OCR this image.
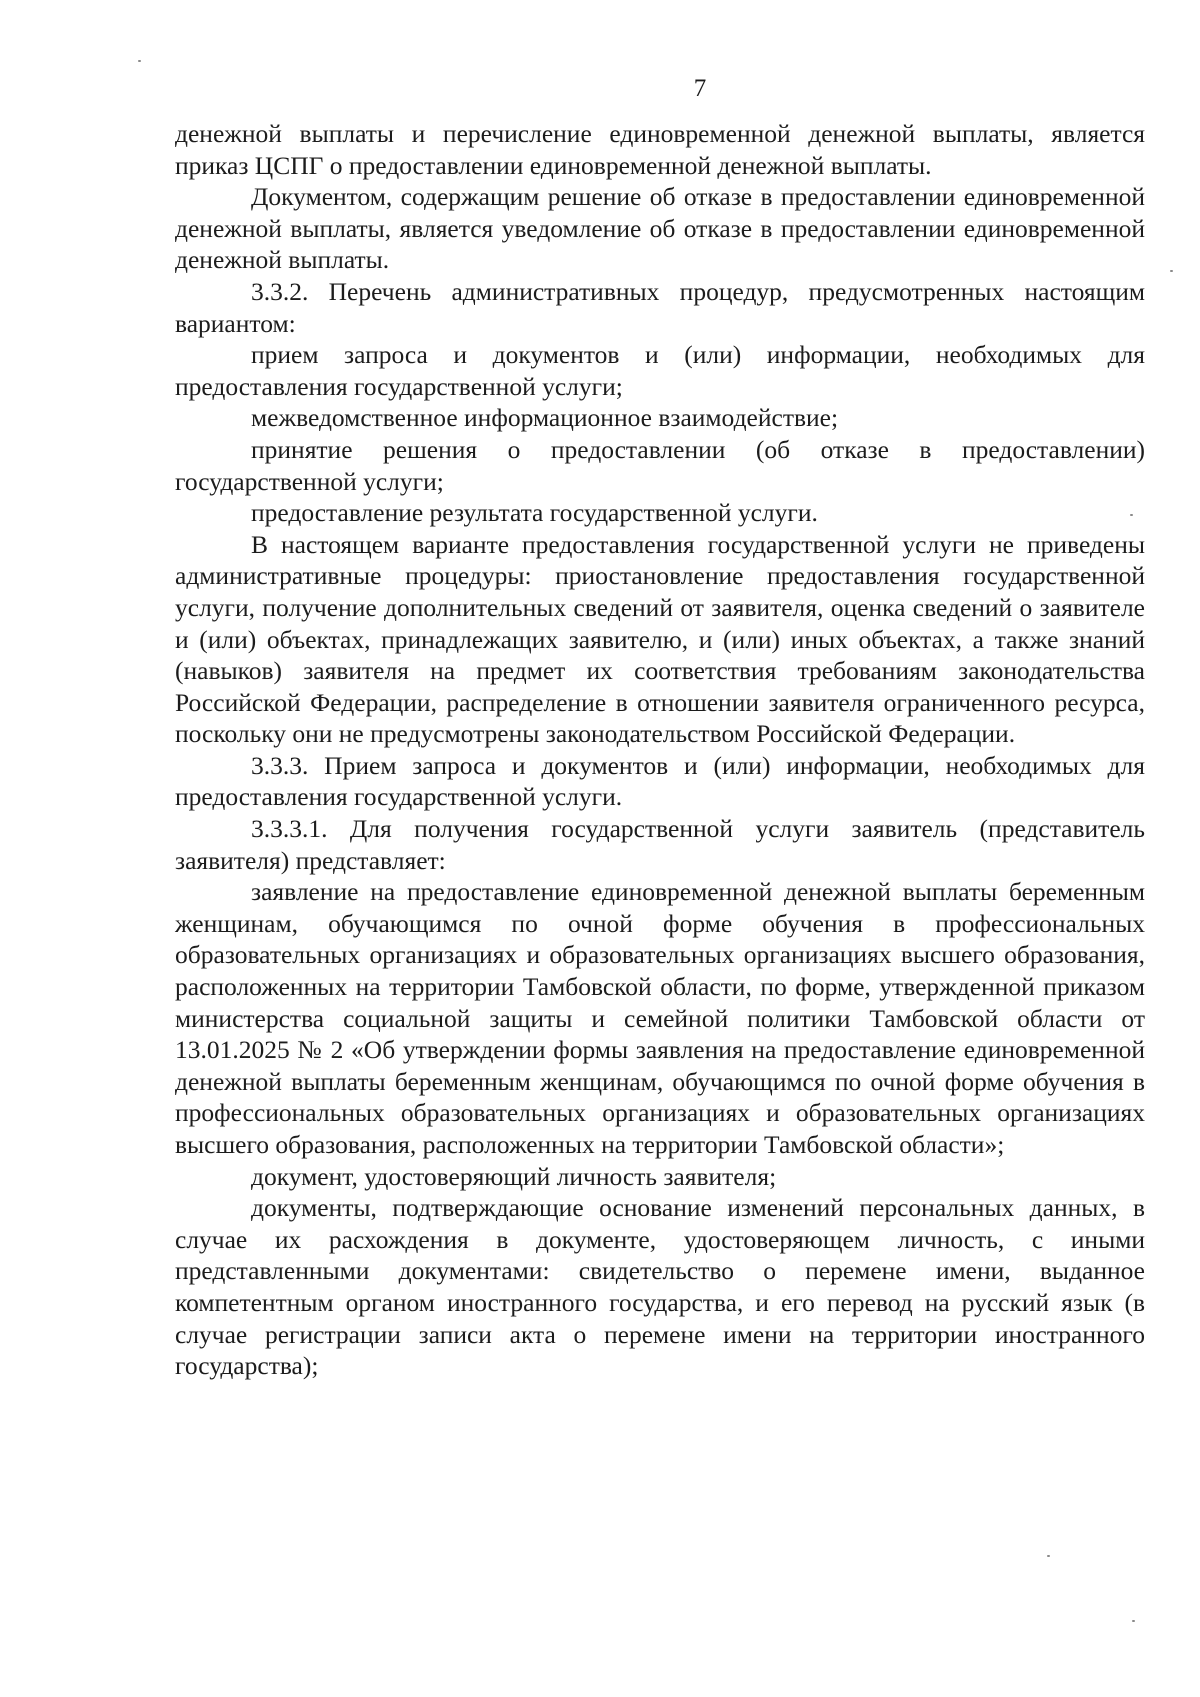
7

денежной выплаты и перечисление единовременной денежной выплаты, является приказ ЦСПГ о предоставлении единовременной денежной выплаты.

Документом, содержащим решение об отказе в предоставлении единовременной денежной выплаты, является уведомление об отказе в предоставлении единовременной денежной выплаты.

3.3.2. Перечень административных процедур, предусмотренных настоящим вариантом:

прием запроса и документов и (или) информации, необходимых для предоставления государственной услуги;

межведомственное информационное взаимодействие;

принятие решения о предоставлении (об отказе в предоставлении) государственной услуги;

предоставление результата государственной услуги.

В настоящем варианте предоставления государственной услуги не приведены административные процедуры: приостановление предоставления государственной услуги, получение дополнительных сведений от заявителя, оценка сведений о заявителе и (или) объектах, принадлежащих заявителю, и (или) иных объектах, а также знаний (навыков) заявителя на предмет их соответствия требованиям законодательства Российской Федерации, распределение в отношении заявителя ограниченного ресурса, поскольку они не предусмотрены законодательством Российской Федерации.

3.3.3. Прием запроса и документов и (или) информации, необходимых для предоставления государственной услуги.

3.3.3.1. Для получения государственной услуги заявитель (представитель заявителя) представляет:

заявление на предоставление единовременной денежной выплаты беременным женщинам, обучающимся по очной форме обучения в профессиональных образовательных организациях и образовательных организациях высшего образования, расположенных на территории Тамбовской области, по форме, утвержденной приказом министерства социальной защиты и семейной политики Тамбовской области от 13.01.2025 № 2 «Об утверждении формы заявления на предоставление единовременной денежной выплаты беременным женщинам, обучающимся по очной форме обучения в профессиональных образовательных организациях и образовательных организациях высшего образования, расположенных на территории Тамбовской области»;

документ, удостоверяющий личность заявителя;

документы, подтверждающие основание изменений персональных данных, в случае их расхождения в документе, удостоверяющем личность, с иными представленными документами: свидетельство о перемене имени, выданное компетентным органом иностранного государства, и его перевод на русский язык (в случае регистрации записи акта о перемене имени на территории иностранного государства);
